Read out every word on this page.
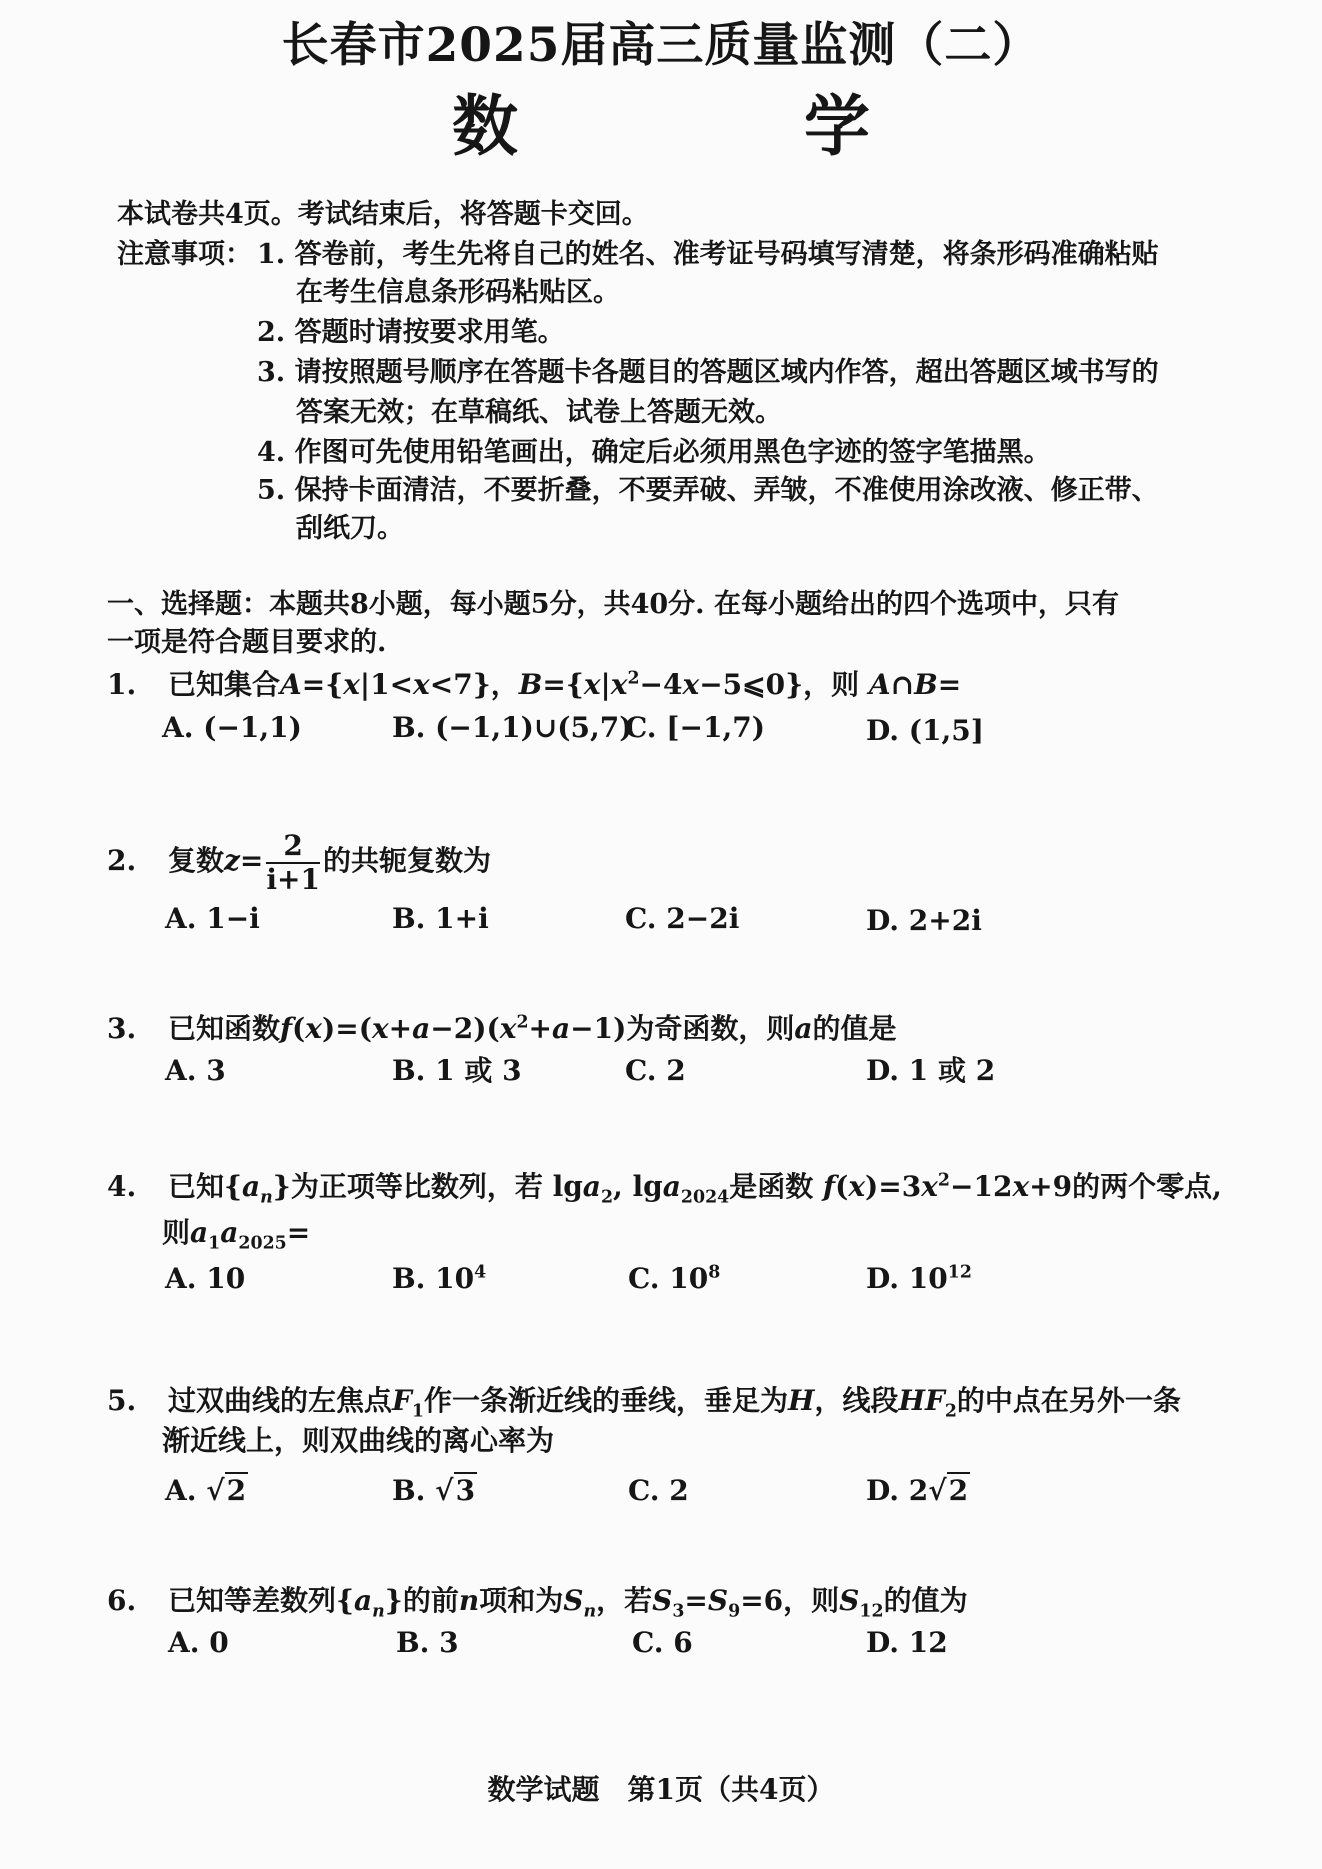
长春市2025届高三质量监测（二）
数　学
本试卷共4页。考试结束后，将答题卡交回。
注意事项： 1. 答卷前，考生先将自己的姓名、准考证号码填写清楚，将条形码准确粘贴
在考生信息条形码粘贴区。
2. 答题时请按要求用笔。
3. 请按照题号顺序在答题卡各题目的答题区域内作答，超出答题区域书写的
答案无效；在草稿纸、试卷上答题无效。
4. 作图可先使用铅笔画出，确定后必须用黑色字迹的签字笔描黑。
5. 保持卡面清洁，不要折叠，不要弄破、弄皱，不准使用涂改液、修正带、
刮纸刀。
一、选择题：本题共8小题，每小题5分，共40分. 在每小题给出的四个选项中，只有
一项是符合题目要求的.
1. 已知集合A={x|1<x<7}，$B=\{x|x^2-4x-5⩽0\}$，则 A∩B=
A. (−1,1)	B. (−1,1)∪(5,7)
C. [−1,7)	D. (1,5]
2. 复数$z= \frac{2}{i+1}$ 的共轭复数为
A. 1−i	B. 1+i	C. 2−2i	D. 2+2i
3. 已知函数$f(x)=(x+a-2)(x^2+a-1)$为奇函数，则a的值是
A. 3	B. 1 或 3	C. 2	D. 1 或 2
4. 已知$\{a_n\}$为正项等比数列，若 lga$_2$, lga$_{2024}$是函数 $f(x)=3x^2-12x+9$的两个零点,
则$a_1a_{2025}=$
A. 10	B. $10^4$	C. $10^8$	D. $10^{12}$
5. 过双曲线的左焦点$F_1$作一条渐近线的垂线，垂足为H，线段$HF_2$的中点在另外一条
渐近线上，则双曲线的离心率为
A. √2	B. √3	C. 2	D. 2√2
6. 已知等差数列$\{a_n\}$的前n项和为$S_n$，若$S_3=S_9=6$，则$S_{12}$的值为
A. 0	B. 3	C. 6	D. 12
数学试题　第1页（共4页）
